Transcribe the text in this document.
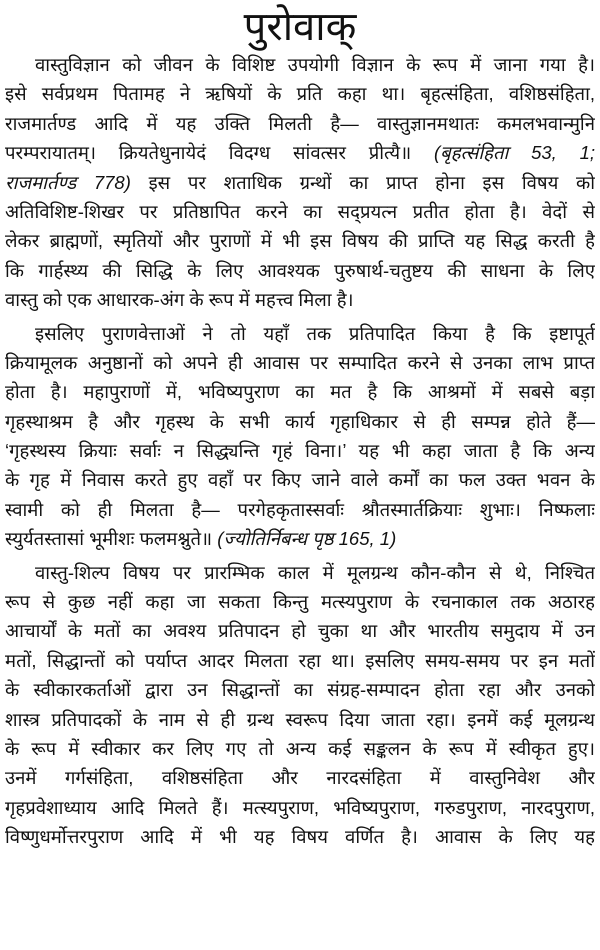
पुरोवाक्
वास्तुविज्ञान को जीवन के विशिष्ट उपयोगी विज्ञान के रूप में जाना गया है।
इसे सर्वप्रथम पितामह ने ऋषियों के प्रति कहा था। बृहत्संहिता, वशिष्ठसंहिता,
राजमार्तण्ड आदि में यह उक्ति मिलती है— वास्तुज्ञानमथातः कमलभवान्मुनि
परम्परायातम्। क्रियतेधुनायेदं विदग्ध सांवत्सर प्रीत्यै॥ (बृहत्संहिता 53, 1;
राजमार्तण्ड 778) इस पर शताधिक ग्रन्थों का प्राप्त होना इस विषय को
अतिविशिष्ट-शिखर पर प्रतिष्ठापित करने का सद्प्रयत्न प्रतीत होता है। वेदों से
लेकर ब्राह्मणों, स्मृतियों और पुराणों में भी इस विषय की प्राप्ति यह सिद्ध करती है
कि गार्हस्थ्य की सिद्धि के लिए आवश्यक पुरुषार्थ-चतुष्टय की साधना के लिए
वास्तु को एक आधारक-अंग के रूप में महत्त्व मिला है।
इसलिए पुराणवेत्ताओं ने तो यहाँ तक प्रतिपादित किया है कि इष्टापूर्त
क्रियामूलक अनुष्ठानों को अपने ही आवास पर सम्पादित करने से उनका लाभ प्राप्त
होता है। महापुराणों में, भविष्यपुराण का मत है कि आश्रमों में सबसे बड़ा
गृहस्थाश्रम है और गृहस्थ के सभी कार्य गृहाधिकार से ही सम्पन्न होते हैं—
‘गृहस्थस्य क्रियाः सर्वाः न सिद्ध्यन्ति गृहं विना।’ यह भी कहा जाता है कि अन्य
के गृह में निवास करते हुए वहाँ पर किए जाने वाले कर्मों का फल उक्त भवन के
स्वामी को ही मिलता है— परगेहकृतास्सर्वाः श्रौतस्मार्तक्रियाः शुभाः। निष्फलाः
स्युर्यतस्तासां भूमीशः फलमश्नुते॥ (ज्योतिर्निबन्ध पृष्ठ 165, 1)
वास्तु-शिल्प विषय पर प्रारम्भिक काल में मूलग्रन्थ कौन-कौन से थे, निश्चित
रूप से कुछ नहीं कहा जा सकता किन्तु मत्स्यपुराण के रचनाकाल तक अठारह
आचार्यों के मतों का अवश्य प्रतिपादन हो चुका था और भारतीय समुदाय में उन
मतों, सिद्धान्तों को पर्याप्त आदर मिलता रहा था। इसलिए समय-समय पर इन मतों
के स्वीकारकर्ताओं द्वारा उन सिद्धान्तों का संग्रह-सम्पादन होता रहा और उनको
शास्त्र प्रतिपादकों के नाम से ही ग्रन्थ स्वरूप दिया जाता रहा। इनमें कई मूलग्रन्थ
के रूप में स्वीकार कर लिए गए तो अन्य कई सङ्कलन के रूप में स्वीकृत हुए।
उनमें गर्गसंहिता, वशिष्ठसंहिता और नारदसंहिता में वास्तुनिवेश और
गृहप्रवेशाध्याय आदि मिलते हैं। मत्स्यपुराण, भविष्यपुराण, गरुडपुराण, नारदपुराण,
विष्णुधर्मोत्तरपुराण आदि में भी यह विषय वर्णित है। आवास के लिए यह
